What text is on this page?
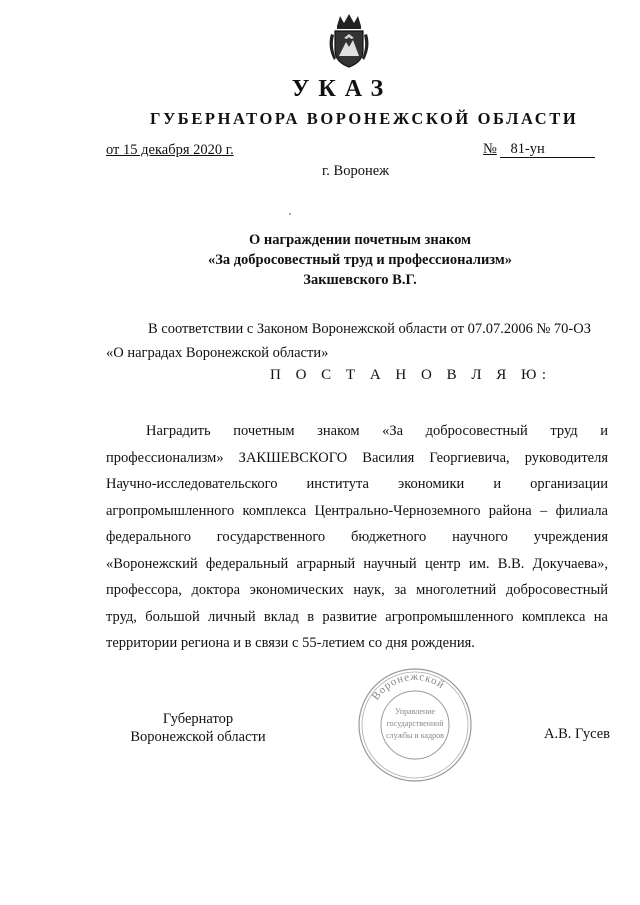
УКАЗ
ГУБЕРНАТОРА ВОРОНЕЖСКОЙ ОБЛАСТИ
от 15 декабря 2020 г.	№ 81-ун
г. Воронеж
О награждении почетным знаком
«За добросовестный труд и профессионализм»
Закшевского В.Г.
В соответствии с Законом Воронежской области от 07.07.2006 № 70-ОЗ
«О наградах Воронежской области»
П О С Т А Н О В Л Я Ю:
Наградить почетным знаком «За добросовестный труд и
профессионализм» ЗАКШЕВСКОГО Василия Георгиевича, руководителя
Научно-исследовательского института экономики и организации
агропромышленного комплекса Центрально-Черноземного района – филиала
федерального государственного бюджетного научного учреждения
«Воронежский федеральный аграрный научный центр им. В.В. Докучаева»,
профессора, доктора экономических наук, за многолетний добросовестный
труд, большой личный вклад в развитие агропромышленного комплекса на
территории региона и в связи с 55-летием со дня рождения.
Губернатор
Воронежской области
Воронежской
Управление
государственной
службы и кадров	А.В. Гусев
